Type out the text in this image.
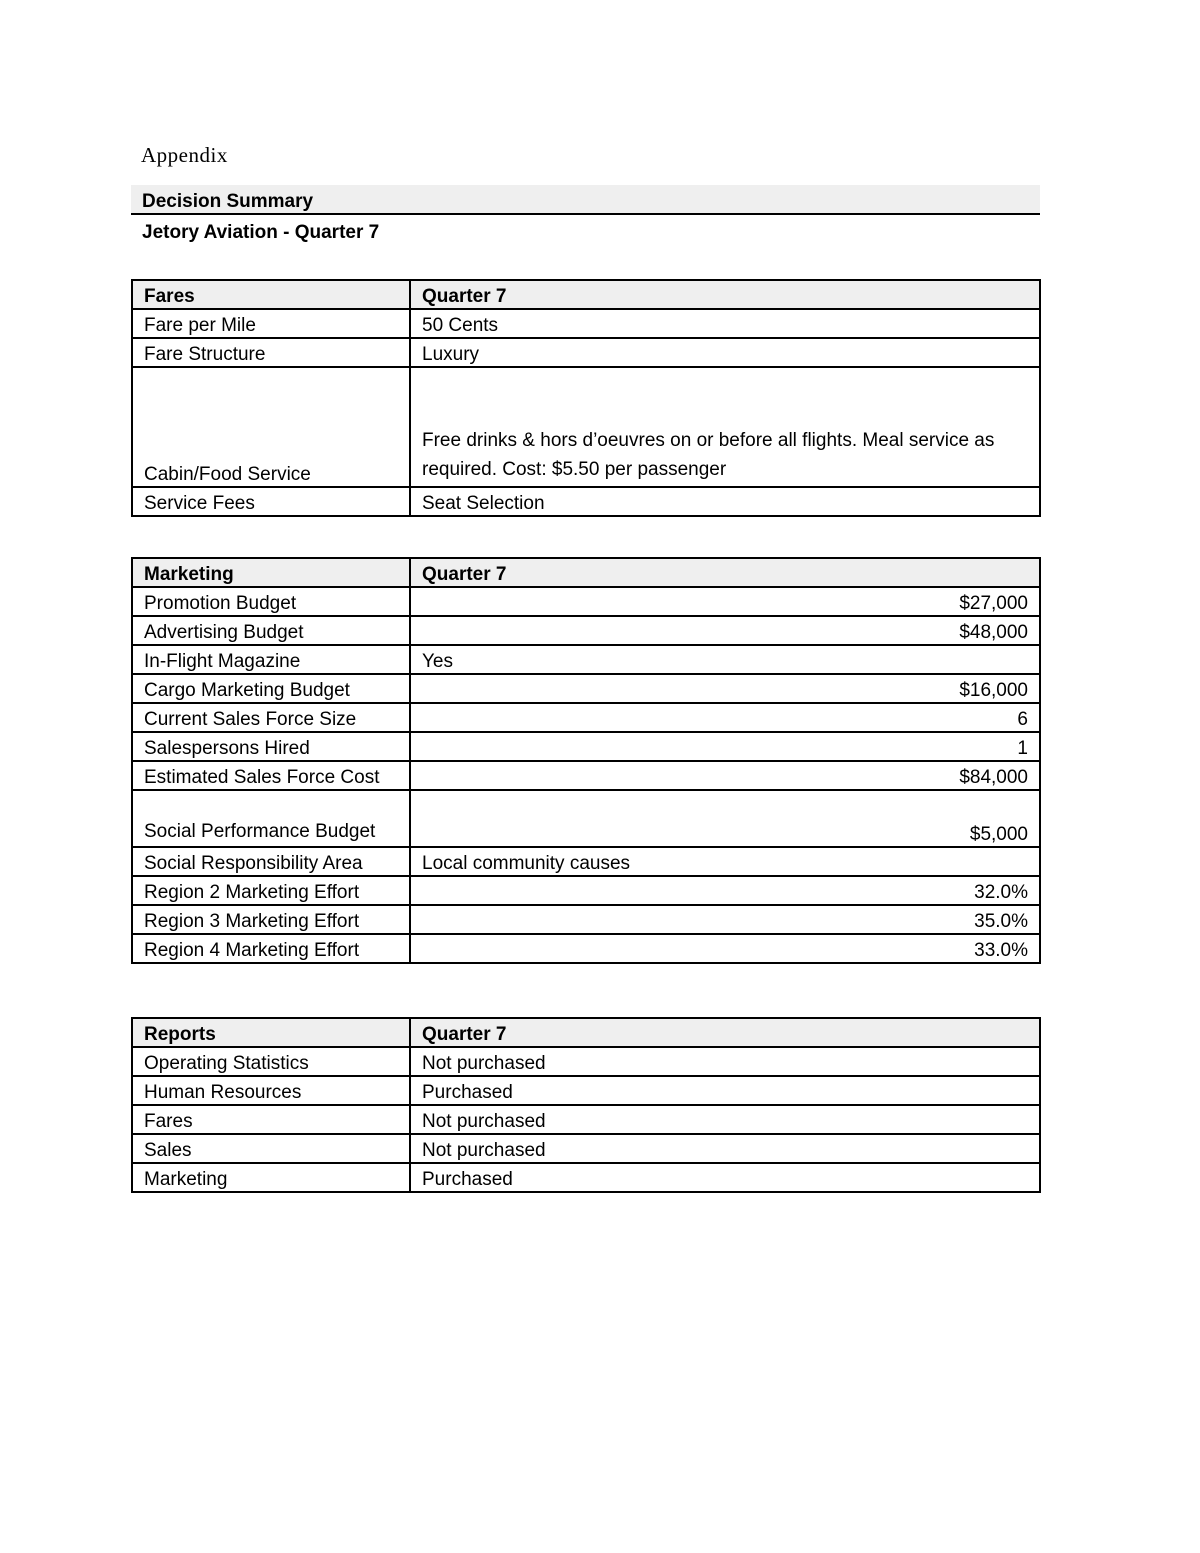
Appendix
Decision Summary
Jetory Aviation - Quarter 7
Fares	Quarter 7
Fare per Mile	50 Cents
Fare Structure	Luxury
Cabin/Food Service	Free drinks & hors d’oeuvres on or before all flights. Meal service as required. Cost: $5.50 per passenger
Service Fees	Seat Selection
Marketing	Quarter 7
Promotion Budget	$27,000
Advertising Budget	$48,000
In-Flight Magazine	Yes
Cargo Marketing Budget	$16,000
Current Sales Force Size	6
Salespersons Hired	1
Estimated Sales Force Cost	$84,000
Social Performance Budget	$5,000
Social Responsibility Area	Local community causes
Region 2 Marketing Effort	32.0%
Region 3 Marketing Effort	35.0%
Region 4 Marketing Effort	33.0%
Reports	Quarter 7
Operating Statistics	Not purchased
Human Resources	Purchased
Fares	Not purchased
Sales	Not purchased
Marketing	Purchased
